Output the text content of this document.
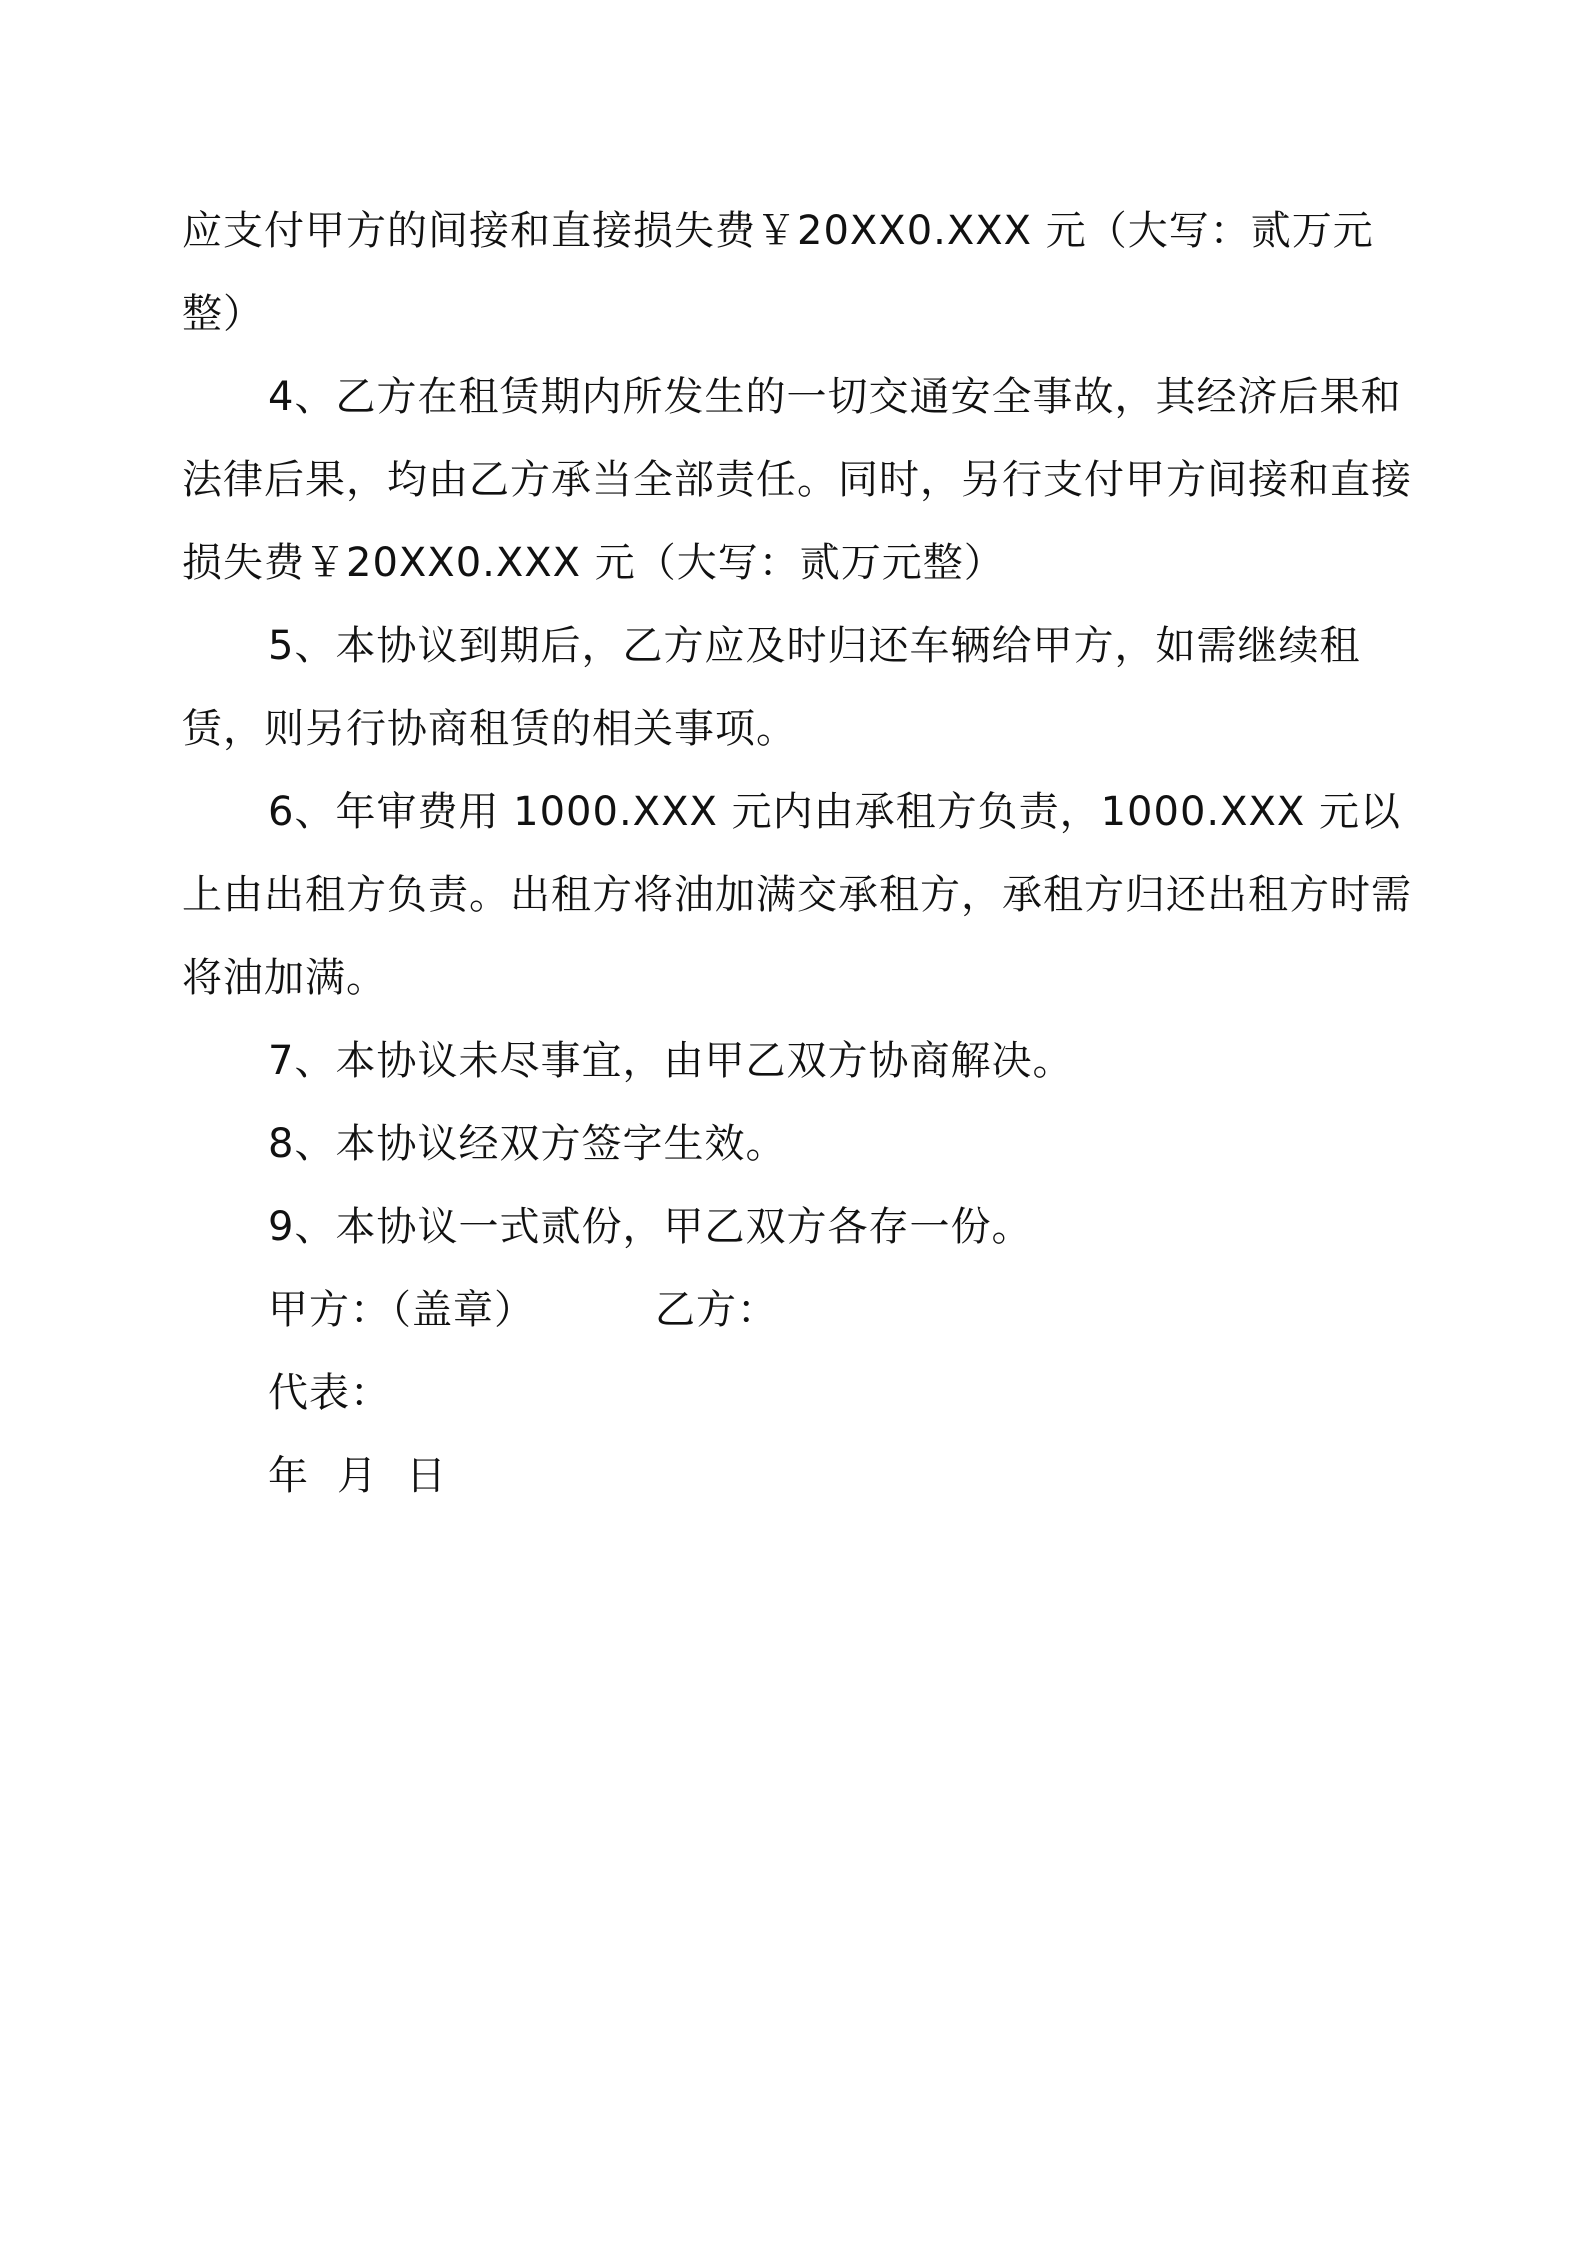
应支付甲方的间接和直接损失费￥20XX0.XXX 元（大写：贰万元整）

4、乙方在租赁期内所发生的一切交通安全事故，其经济后果和法律后果，均由乙方承当全部责任。同时，另行支付甲方间接和直接损失费￥20XX0.XXX 元（大写：贰万元整）

5、本协议到期后，乙方应及时归还车辆给甲方，如需继续租赁，则另行协商租赁的相关事项。

6、年审费用 1000.XXX 元内由承租方负责，1000.XXX 元以上由出租方负责。出租方将油加满交承租方，承租方归还出租方时需将油加满。

7、本协议未尽事宜，由甲乙双方协商解决。

8、本协议经双方签字生效。

9、本协议一式贰份，甲乙双方各存一份。

甲方：（盖章）	乙方：

代表：

年 月 日
